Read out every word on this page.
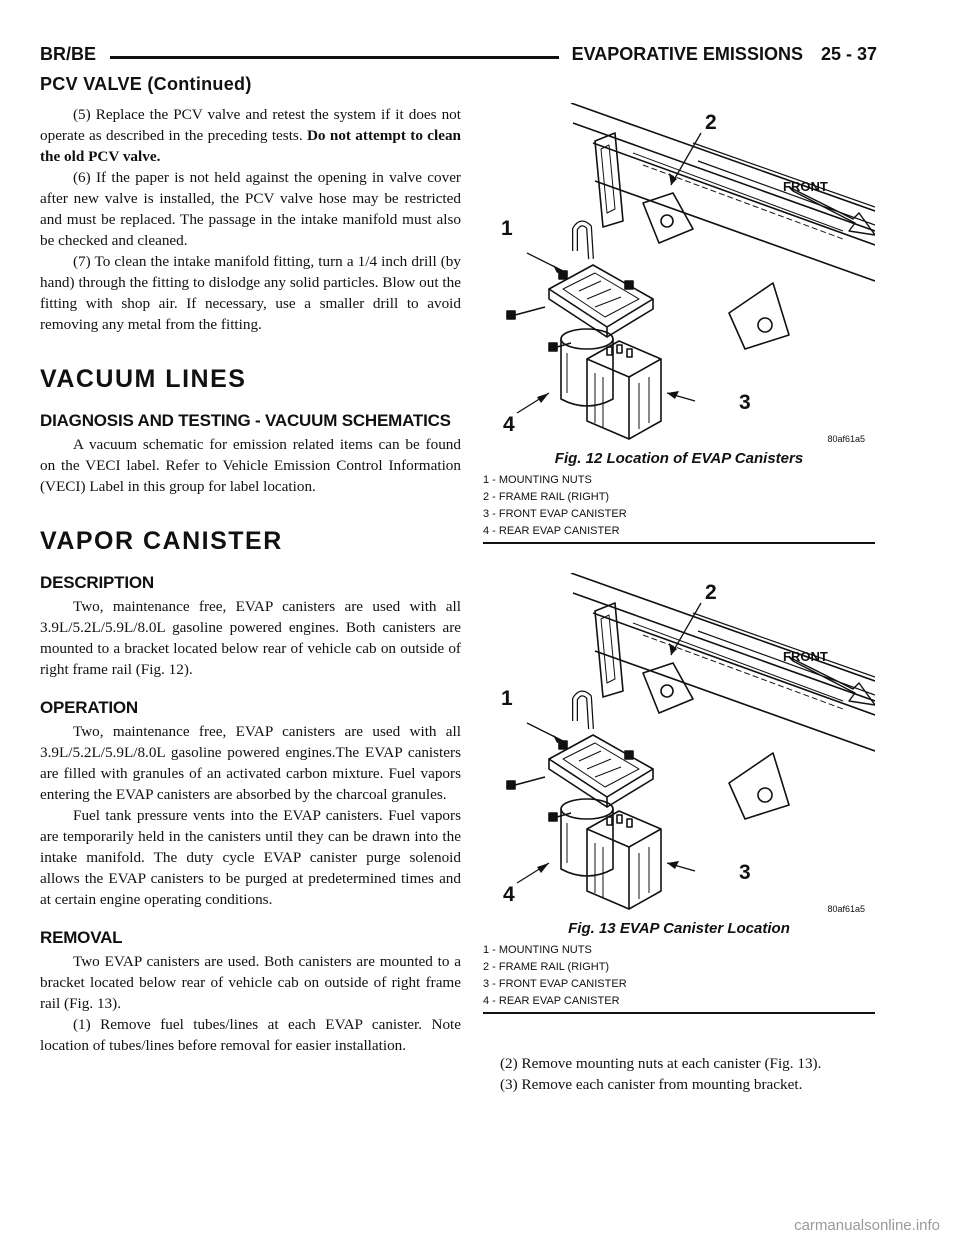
BR/BE	EVAPORATIVE EMISSIONS 25 - 37
PCV VALVE (Continued)

(5) Replace the PCV valve and retest the system if it does not operate as described in the preceding tests. Do not attempt to clean the old PCV valve.

(6) If the paper is not held against the opening in valve cover after new valve is installed, the PCV valve hose may be restricted and must be replaced. The passage in the intake manifold must also be checked and cleaned.

(7) To clean the intake manifold fitting, turn a 1/4 inch drill (by hand) through the fitting to dislodge any solid particles. Blow out the fitting with shop air. If necessary, use a smaller drill to avoid removing any metal from the fitting.

VACUUM LINES
DIAGNOSIS AND TESTING - VACUUM SCHEMATICS

A vacuum schematic for emission related items can be found on the VECI label. Refer to Vehicle Emission Control Information (VECI) Label in this group for label location.

VAPOR CANISTER
DESCRIPTION

Two, maintenance free, EVAP canisters are used with all 3.9L/5.2L/5.9L/8.0L gasoline powered engines. Both canisters are mounted to a bracket located below rear of vehicle cab on outside of right frame rail (Fig. 12).

OPERATION

Two, maintenance free, EVAP canisters are used with all 3.9L/5.2L/5.9L/8.0L gasoline powered engines.The EVAP canisters are filled with granules of an activated carbon mixture. Fuel vapors entering the EVAP canisters are absorbed by the charcoal granules.

Fuel tank pressure vents into the EVAP canisters. Fuel vapors are temporarily held in the canisters until they can be drawn into the intake manifold. The duty cycle EVAP canister purge solenoid allows the EVAP canisters to be purged at predetermined times and at certain engine operating conditions.

REMOVAL

Two EVAP canisters are used. Both canisters are mounted to a bracket located below rear of vehicle cab on outside of right frame rail (Fig. 13).

(1) Remove fuel tubes/lines at each EVAP canister. Note location of tubes/lines before removal for easier installation.

1
2
3
4
FRONT
80af61a5
Fig. 12 Location of EVAP Canisters
1 - MOUNTING NUTS
2 - FRAME RAIL (RIGHT)
3 - FRONT EVAP CANISTER
4 - REAR EVAP CANISTER
1
2
3
4
FRONT
80af61a5
Fig. 13 EVAP Canister Location
1 - MOUNTING NUTS
2 - FRAME RAIL (RIGHT)
3 - FRONT EVAP CANISTER
4 - REAR EVAP CANISTER

(2) Remove mounting nuts at each canister (Fig. 13).

(3) Remove each canister from mounting bracket.

carmanualsonline.info
